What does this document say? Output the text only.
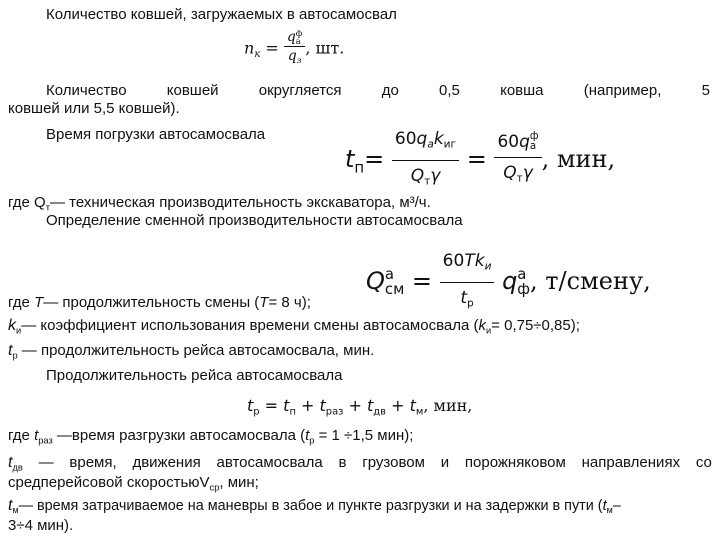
Количество ковшей, загружаемых в автосамосвал
$n_к = q$ ф
а
$q_з$ , шт.
Количество	ковшей	округляется	до	0,5	ковша	(например,	5
ковшей или 5,5 ковшей).
Время погрузки автосамосвала
$t_п= \frac{60q_аk_{иг}}{Q_т\gamma} = 60q$ ф
а
$Q_т\gamma$ , мин,
где $Q_т—$ техническая производительность экскаватора, м³/ч.
Определение сменной производительности автосамосвала
Q а
см = $\frac{60Tk_и}{t_р}$ q а
ф , т/смену,
где T— продолжительность смены (T= 8 ч);
$k_и—$ коэффициент использования времени смены автосамосвала $(k_и= 0,75\div 0,85)$;
$t_р$ — продолжительность рейса автосамосвала, мин.
Продолжительность рейса автосамосвала
$t_р = t_п + t_{раз} + t_{дв} + t_м$, мин,
где $t_{раз}$ —время разгрузки автосамосвала ($t_р = 1 \div 1,5$ мин);
$t_{дв}$ — время, движения автосамосвала в грузовом и порожняковом направлениях со
средперейсовой скоростьюV$_{ср}$, мин;
$t_м—$ время затрачиваемое на маневры в забое и пункте разгрузки и на задержки в пути ($t_м-$
3÷4 мин).
